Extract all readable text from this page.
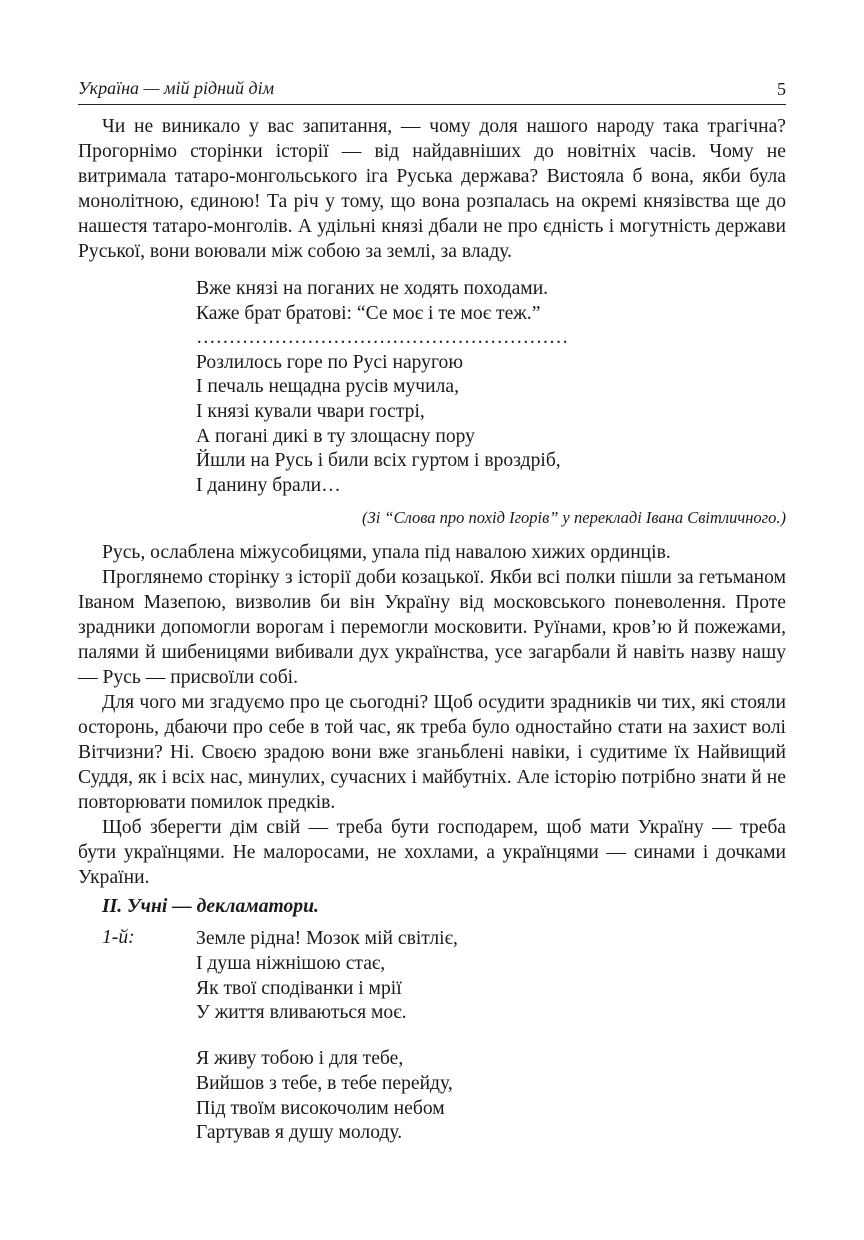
Україна — мій рідний дім	5

Чи не виникало у вас запитання, — чому доля нашого народу така трагічна? Прогорнімо сторінки історії — від найдавніших до новітніх часів. Чому не витримала татаро-монгольського іга Руська держава? Вистояла б вона, якби була монолітною, єдиною! Та річ у тому, що вона розпалась на окремі князівства ще до нашестя татаро-монголів. А удільні князі дбали не про єдність і могутність держави Руської, вони воювали між собою за землі, за владу.

Вже князі на поганих не ходять походами.
Каже брат братові: “Се моє і те моє теж.”
…………………………………………………
Розлилось горе по Русі наругою
І печаль нещадна русів мучила,
І князі кували чвари гострі,
А погані дикі в ту злощасну пору
Йшли на Русь і били всіх гуртом і вроздріб,
І данину брали…
(Зі “Слова про похід Ігорів” у перекладі Івана Світличного.)

Русь, ослаблена міжусобицями, упала під навалою хижих ординців.

Проглянемо сторінку з історії доби козацької. Якби всі полки пішли за гетьманом Іваном Мазепою, визволив би він Україну від московського поневолення. Проте зрадники допомогли ворогам і перемогли московити. Руїнами, кров’ю й пожежами, палями й шибеницями вибивали дух українства, усе загарбали й навіть назву нашу — Русь — присвоїли собі.

Для чого ми згадуємо про це сьогодні? Щоб осудити зрадників чи тих, які стояли осторонь, дбаючи про себе в той час, як треба було одностайно стати на захист волі Вітчизни? Ні. Своєю зрадою вони вже зганьблені навіки, і судитиме їх Найвищий Суддя, як і всіх нас, минулих, сучасних і майбутніх. Але історію потрібно знати й не повторювати помилок предків.

Щоб зберегти дім свій — треба бути господарем, щоб мати Україну — треба бути українцями. Не малоросами, не хохлами, а українцями — синами і дочками України.

ІІ. Учні — декламатори.
1-й:	Земле рідна! Мозок мій світліє,
І душа ніжнішою стає,
Як твої сподіванки і мрії
У життя вливаються моє.
Я живу тобою і для тебе,
Вийшов з тебе, в тебе перейду,
Під твоїм високочолим небом
Гартував я душу молоду.
